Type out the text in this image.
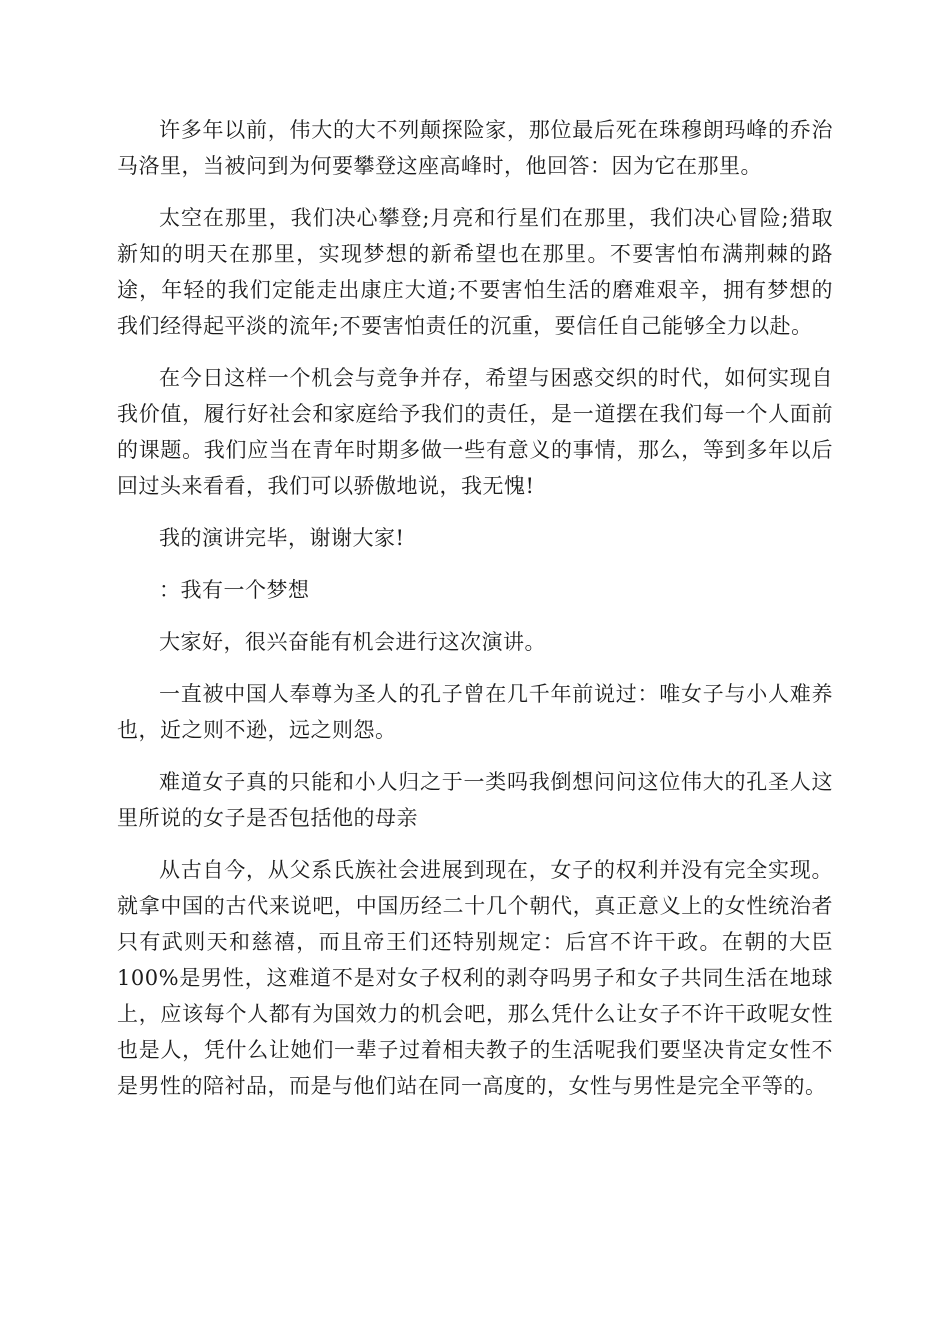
许多年以前，伟大的大不列颠探险家，那位最后死在珠穆朗玛峰的乔治马洛里，当被问到为何要攀登这座高峰时，他回答：因为它在那里。

太空在那里，我们决心攀登;月亮和行星们在那里，我们决心冒险;猎取新知的明天在那里，实现梦想的新希望也在那里。不要害怕布满荆棘的路途，年轻的我们定能走出康庄大道;不要害怕生活的磨难艰辛，拥有梦想的我们经得起平淡的流年;不要害怕责任的沉重，要信任自己能够全力以赴。

在今日这样一个机会与竞争并存，希望与困惑交织的时代，如何实现自我价值，履行好社会和家庭给予我们的责任，是一道摆在我们每一个人面前的课题。我们应当在青年时期多做一些有意义的事情，那么，等到多年以后回过头来看看，我们可以骄傲地说，我无愧!

我的演讲完毕，谢谢大家!

：我有一个梦想

大家好，很兴奋能有机会进行这次演讲。

一直被中国人奉尊为圣人的孔子曾在几千年前说过：唯女子与小人难养也，近之则不逊，远之则怨。

难道女子真的只能和小人归之于一类吗我倒想问问这位伟大的孔圣人这里所说的女子是否包括他的母亲

从古自今，从父系氏族社会进展到现在，女子的权利并没有完全实现。就拿中国的古代来说吧，中国历经二十几个朝代，真正意义上的女性统治者只有武则天和慈禧，而且帝王们还特别规定：后宫不许干政。在朝的大臣100%是男性，这难道不是对女子权利的剥夺吗男子和女子共同生活在地球上，应该每个人都有为国效力的机会吧，那么凭什么让女子不许干政呢女性也是人，凭什么让她们一辈子过着相夫教子的生活呢我们要坚决肯定女性不是男性的陪衬品，而是与他们站在同一高度的，女性与男性是完全平等的。
